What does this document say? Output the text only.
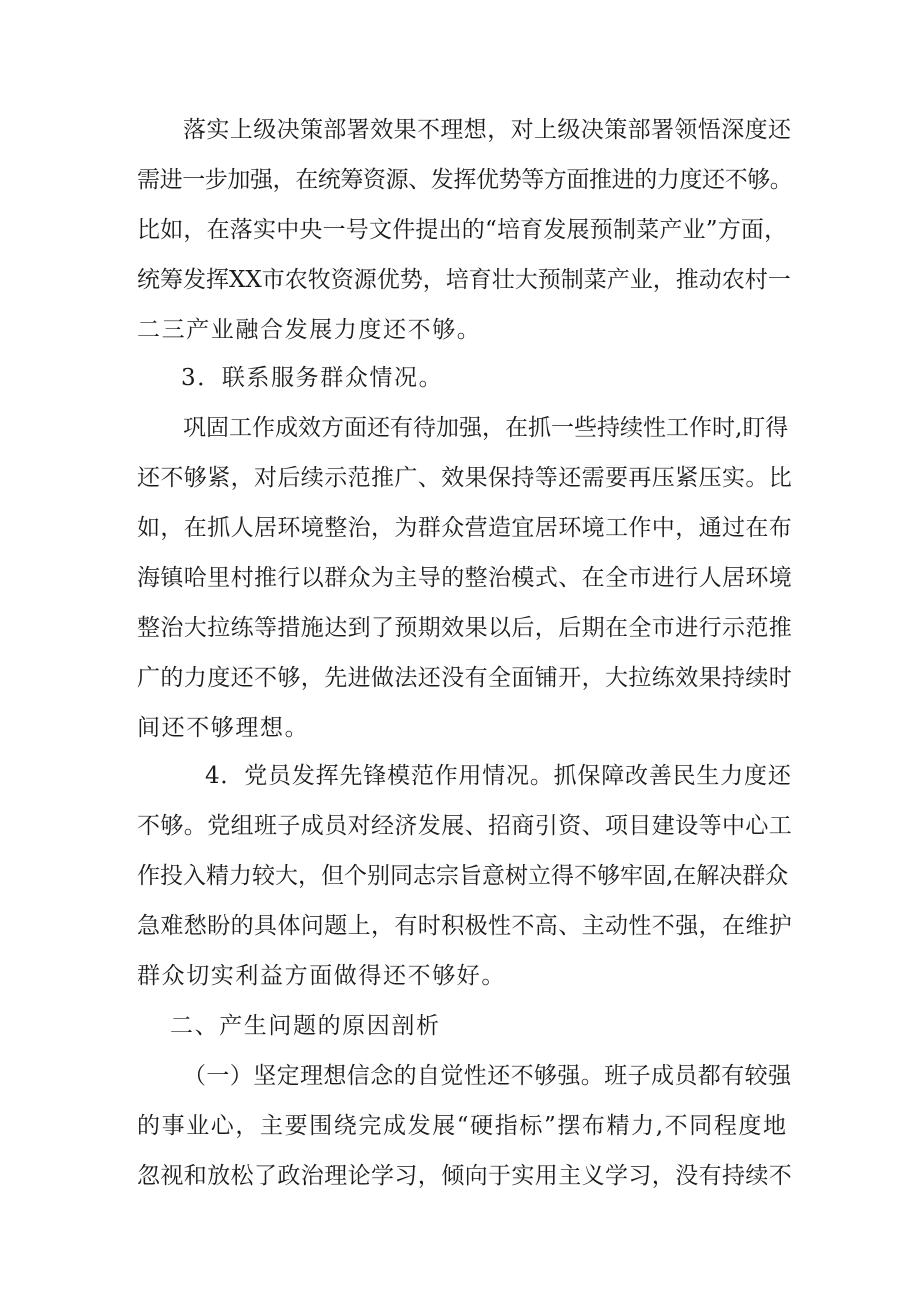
落实上级决策部署效果不理想，对上级决策部署领悟深度还
需进一步加强，在统筹资源、发挥优势等方面推进的力度还不够。
比如，在落实中央一号文件提出的“培育发展预制菜产业”方面，
统筹发挥XX市农牧资源优势，培育壮大预制菜产业，推动农村一
二三产业融合发展力度还不够。
3．联系服务群众情况。
巩固工作成效方面还有待加强，在抓一些持续性工作时,盯得
还不够紧，对后续示范推广、效果保持等还需要再压紧压实。比
如，在抓人居环境整治，为群众营造宜居环境工作中，通过在布
海镇哈里村推行以群众为主导的整治模式、在全市进行人居环境
整治大拉练等措施达到了预期效果以后，后期在全市进行示范推
广的力度还不够，先进做法还没有全面铺开，大拉练效果持续时
间还不够理想。
4．党员发挥先锋模范作用情况。抓保障改善民生力度还
不够。党组班子成员对经济发展、招商引资、项目建设等中心工
作投入精力较大，但个别同志宗旨意树立得不够牢固,在解决群众
急难愁盼的具体问题上，有时积极性不高、主动性不强，在维护
群众切实利益方面做得还不够好。
二、产生问题的原因剖析
（一）坚定理想信念的自觉性还不够强。班子成员都有较强
的事业心，主要围绕完成发展“硬指标”摆布精力,不同程度地
忽视和放松了政治理论学习，倾向于实用主义学习，没有持续不
